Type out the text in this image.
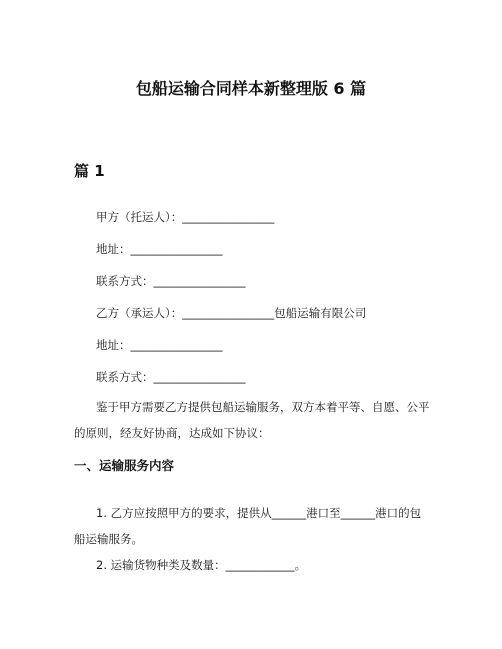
包船运输合同样本新整理版 6 篇
篇 1

甲方（托运人）：________________

地址：________________

联系方式：________________

乙方（承运人）：________________包船运输有限公司

地址：________________

联系方式：________________

鉴于甲方需要乙方提供包船运输服务，双方本着平等、自愿、公平的原则，经友好协商，达成如下协议：

一、运输服务内容

1. 乙方应按照甲方的要求，提供从______港口至______港口的包船运输服务。

2. 运输货物种类及数量：____________。
